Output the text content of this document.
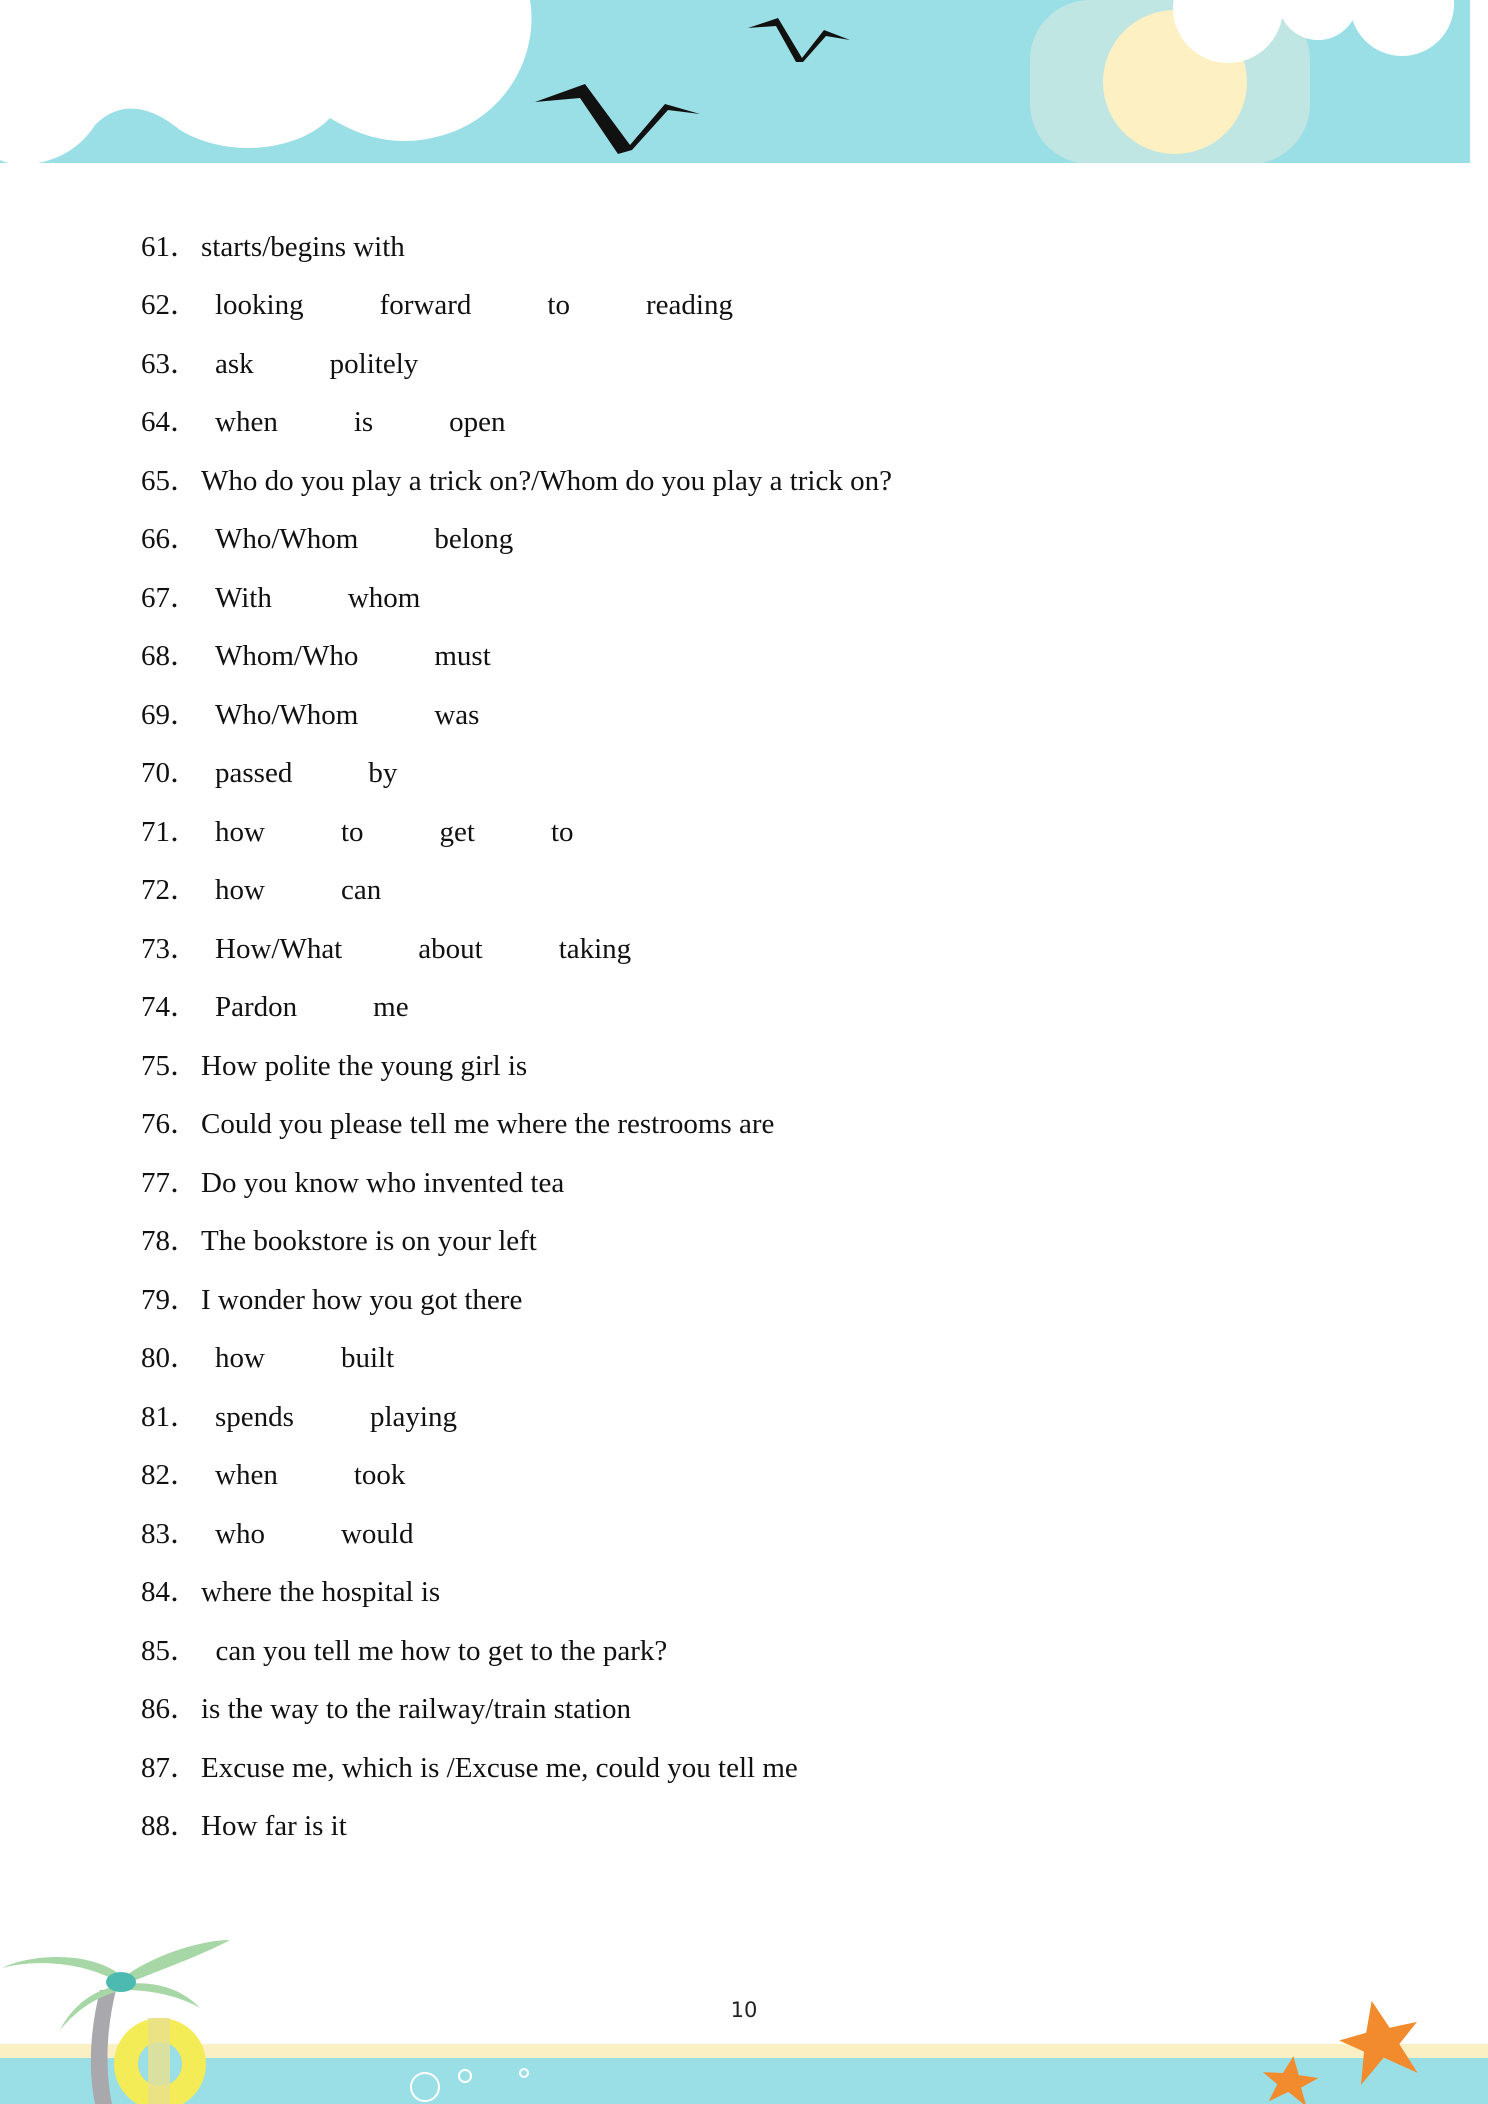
61． starts/begins with
62． looking	forward	to	reading
63． ask	politely
64． when	is	open
65． Who do you play a trick on?/Whom do you play a trick on?
66． Who/Whom	belong
67． With	whom
68． Whom/Who	must
69． Who/Whom	was
70． passed	by
71． how	to	get	to
72． how	can
73． How/What	about	taking
74． Pardon	me
75． How polite the young girl is
76． Could you please tell me where the restrooms are
77． Do you know who invented tea
78． The bookstore is on your left
79． I wonder how you got there
80． how	built
81． spends	playing
82． when	took
83． who	would
84． where the hospital is
85． can you tell me how to get to the park?
86． is the way to the railway/train station
87． Excuse me, which is /Excuse me, could you tell me
88． How far is it
10
